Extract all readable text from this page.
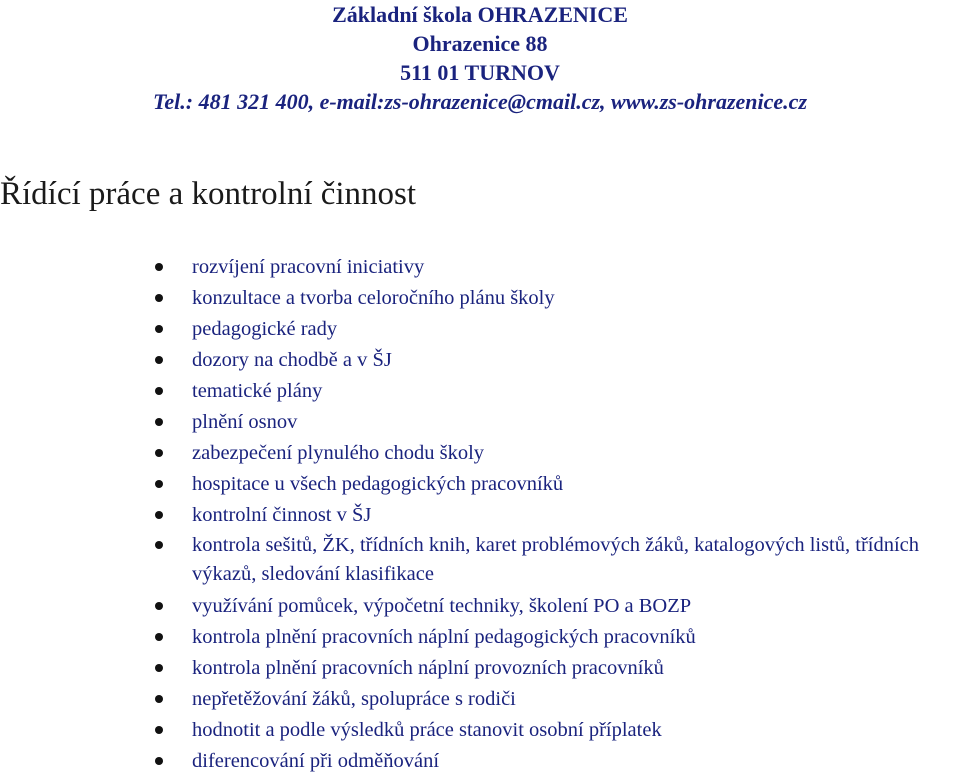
Základní škola OHRAZENICE
Ohrazenice 88
511 01 TURNOV
Tel.: 481 321 400, e-mail:zs-ohrazenice@cmail.cz, www.zs-ohrazenice.cz
Řídící práce a kontrolní činnost
rozvíjení pracovní iniciativy
konzultace a tvorba celoročního plánu školy
pedagogické rady
dozory na chodbě a v ŠJ
tematické plány
plnění osnov
zabezpečení plynulého chodu školy
hospitace u všech pedagogických pracovníků
kontrolní činnost v ŠJ
kontrola sešitů, ŽK, třídních knih, karet problémových žáků, katalogových listů, třídních výkazů, sledování klasifikace
využívání pomůcek, výpočetní techniky, školení PO a BOZP
kontrola plnění pracovních náplní pedagogických pracovníků
kontrola plnění pracovních náplní provozních pracovníků
nepřetěžování žáků, spolupráce s rodiči
hodnotit a podle výsledků práce stanovit osobní příplatek
diferencování při odměňování
